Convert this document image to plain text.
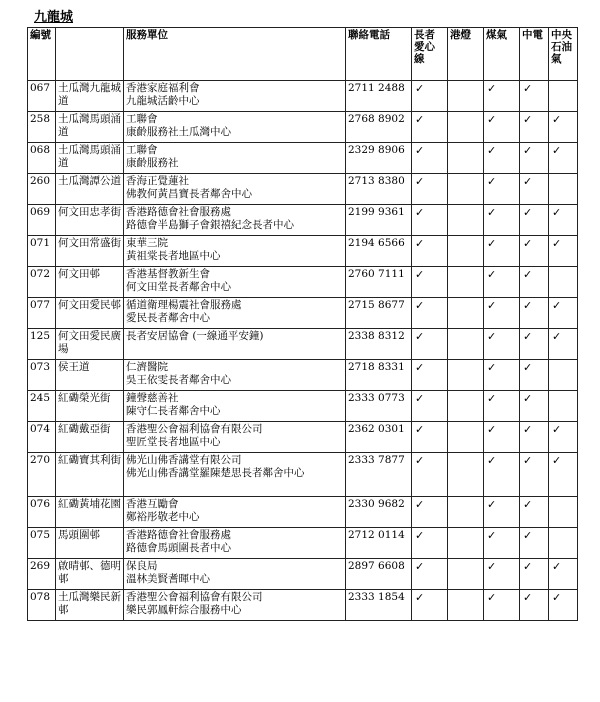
九龍城
編號		服務單位	聯絡電話	長者 愛心 線	港燈	煤氣	中電	中央 石油 氣
067	土瓜灣九龍城道	香港家庭福利會
九龍城活齡中心	2711 2488	✓		✓	✓	
258	土瓜灣馬頭涌道	工聯會
康齡服務社土瓜灣中心	2768 8902	✓		✓	✓	✓
068	土瓜灣馬頭涌道	工聯會
康齡服務社	2329 8906	✓		✓	✓	✓
260	土瓜灣譚公道	香海正覺蓮社
佛教何黃昌寶長者鄰舍中心	2713 8380	✓		✓	✓	
069	何文田忠孝街	香港路德會社會服務處
路德會半島獅子會銀禧紀念長者中心	2199 9361	✓		✓	✓	✓
071	何文田常盛街	東華三院
黃祖棠長者地區中心	2194 6566	✓		✓	✓	✓
072	何文田邨	香港基督教新生會
何文田堂長者鄰舍中心	2760 7111	✓		✓	✓	
077	何文田愛民邨	循道衛理楊震社會服務處
愛民長者鄰舍中心	2715 8677	✓		✓	✓	✓
125	何文田愛民廣場	長者安居協會 (一線通平安鐘)	2338 8312	✓		✓	✓	✓
073	侯王道	仁濟醫院
吳王依雯長者鄰舍中心	2718 8331	✓		✓	✓	
245	紅磡榮光街	鐘聲慈善社
陳守仁長者鄰舍中心	2333 0773	✓		✓	✓	
074	紅磡戴亞街	香港聖公會福利協會有限公司
聖匠堂長者地區中心	2362 0301	✓		✓	✓	✓
270	紅磡寶其利街	佛光山佛香講堂有限公司
佛光山佛香講堂羅陳楚思長者鄰舍中心	2333 7877	✓		✓	✓	✓
076	紅磡黃埔花園	香港互勵會
鄭裕彤敬老中心	2330 9682	✓		✓	✓	
075	馬頭圍邨	香港路德會社會服務處
路德會馬頭圍長者中心	2712 0114	✓		✓	✓	
269	啟晴邨、德明邨	保良局
溫林美賢耆暉中心	2897 6608	✓		✓	✓	✓
078	土瓜灣樂民新邨	香港聖公會福利協會有限公司
樂民郭鳳軒綜合服務中心	2333 1854	✓		✓	✓	✓
